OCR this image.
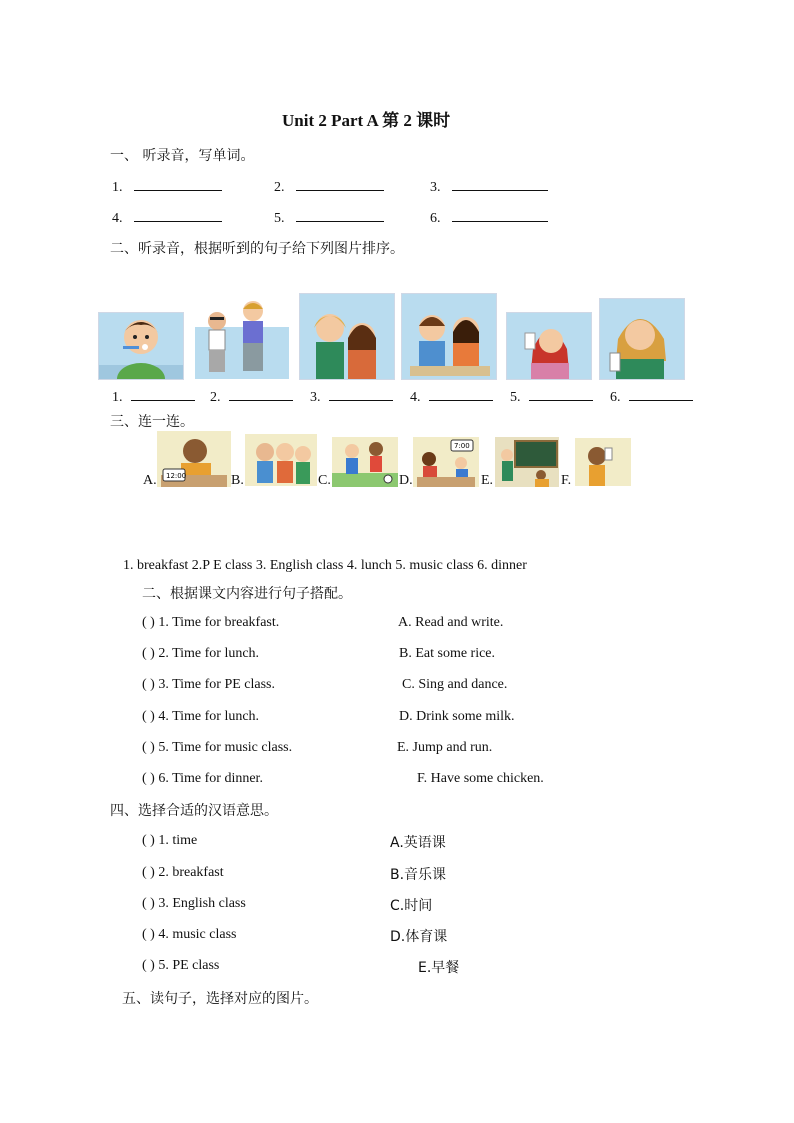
Unit 2 Part A 第 2 课时
一、 听录音，写单词。
1.	2.	3.
4.	5.	6.
二、听录音，根据听到的句子给下列图片排序。
1.	2.	3.	4.	5.	6.
三、连一连。
A. 12:00	B.	C.	D.
7:00
E.	F.
1. breakfast 2.P E class 3. English class 4. lunch 5. music class 6. dinner
二、根据课文内容进行句子搭配。
( ) 1. Time for breakfast.	A. Read and write.
( ) 2. Time for lunch.	B. Eat some rice.
( ) 3. Time for PE class.	C. Sing and dance.
( ) 4. Time for lunch.	D. Drink some milk.
( ) 5. Time for music class.	E. Jump and run.
( ) 6. Time for dinner.	F. Have some chicken.
四、选择合适的汉语意思。
( ) 1. time	A.英语课
( ) 2. breakfast	B.音乐课
( ) 3. English class	C.时间
( ) 4. music class	D.体育课
( ) 5. PE class	E.早餐
五、读句子，选择对应的图片。
